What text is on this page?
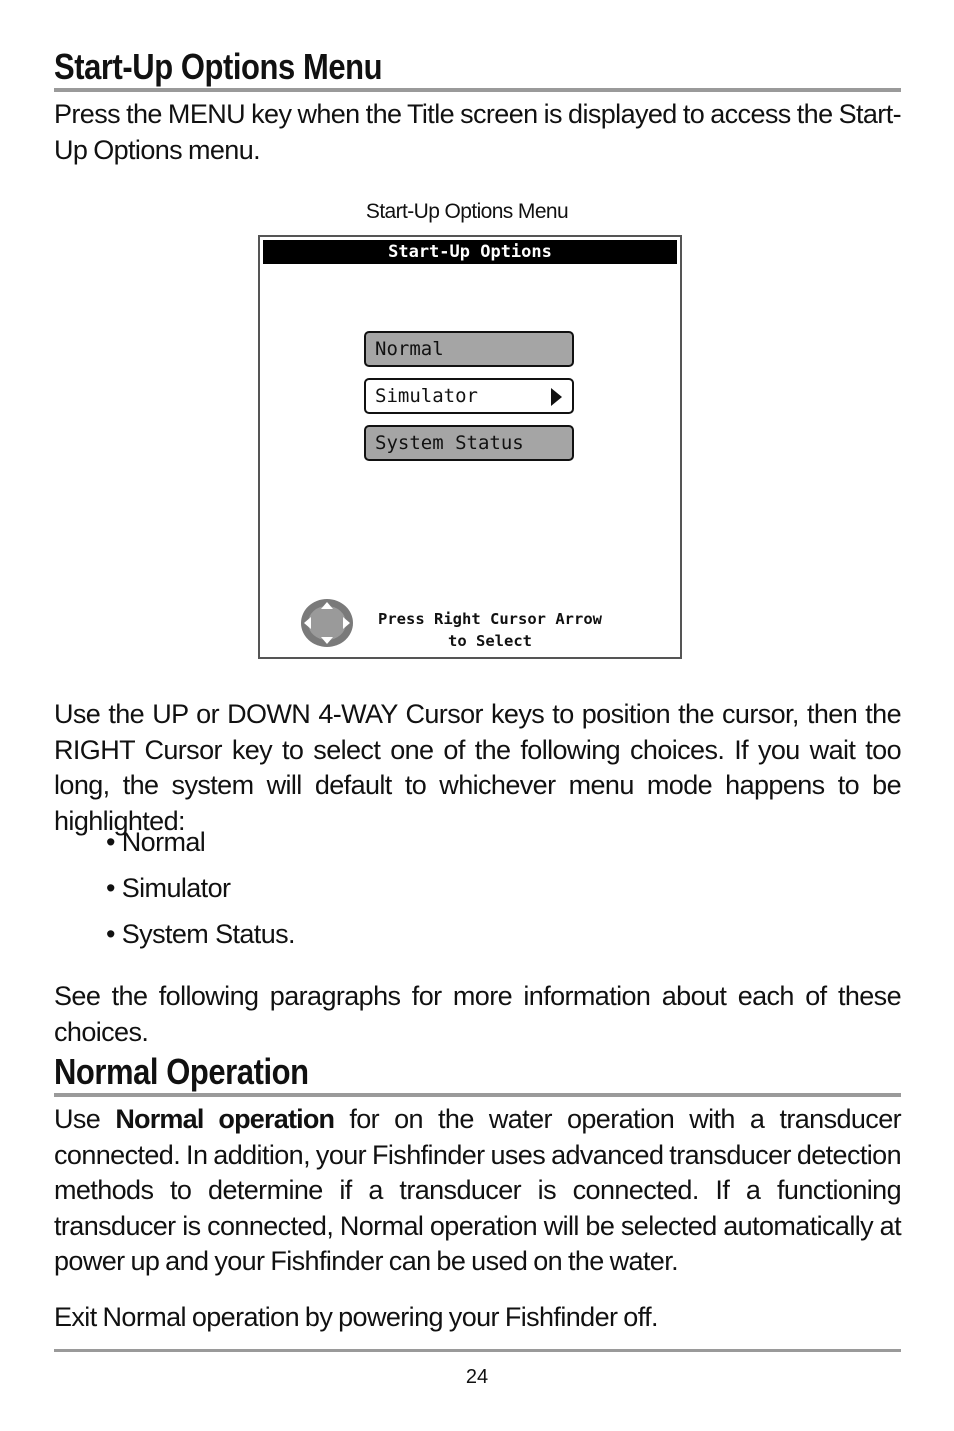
Start-Up Options Menu

Press the MENU key when the Title screen is displayed to access the Start-Up Options menu.

Start-Up Options Menu
Start-Up Options
Normal
Simulator
System Status
Press Right Cursor Arrow
to Select

Use the UP or DOWN 4-WAY Cursor keys to position the cursor, then the RIGHT Cursor key to select one of the following choices. If you wait too long, the system will default to whichever menu mode happens to be highlighted:

• Normal
• Simulator
• System Status.

See the following paragraphs for more information about each of these choices.

Normal Operation

Use Normal operation for on the water operation with a transducer connected. In addition, your Fishfinder uses advanced transducer detection methods to determine if a transducer is connected. If a functioning transducer is connected, Normal operation will be selected automatically at power up and your Fishfinder can be used on the water.

Exit Normal operation by powering your Fishfinder off.

24
